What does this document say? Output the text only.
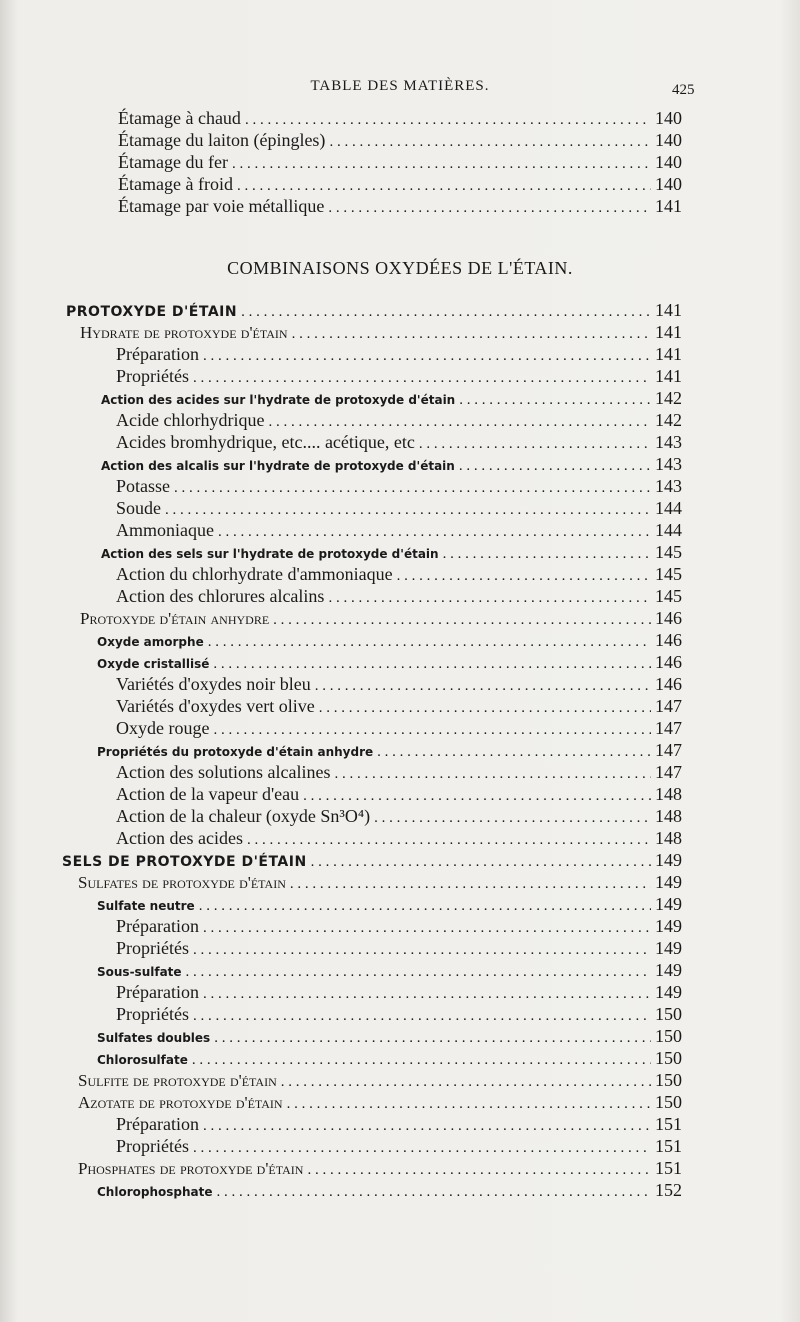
TABLE DES MATIÈRES.	425
COMBINAISONS OXYDÉES DE L'ÉTAIN.
Étamage à chaud . . .	140
Étamage du laiton (épingles) . . .	140
Étamage du fer . . .	140
Étamage à froid . . .	140
Étamage par voie métallique . . .	141
PROTOXYDE D'ÉTAIN . . .	141
Hydrate de protoxyde d'étain . . .	141
Préparation . . .	141
Propriétés . . .	141
Action des acides sur l'hydrate de protoxyde d'étain . . .	142
Acide chlorhydrique . . .	142
Acides bromhydrique, etc.... acétique, etc . . .	143
Action des alcalis sur l'hydrate de protoxyde d'étain . . .	143
Potasse . . .	143
Soude . . .	144
Ammoniaque . . .	144
Action des sels sur l'hydrate de protoxyde d'étain . . .	145
Action du chlorhydrate d'ammoniaque . . .	145
Action des chlorures alcalins . . .	145
Protoxyde d'étain anhydre . . .	146
Oxyde amorphe . . .	146
Oxyde cristallisé . . .	146
Variétés d'oxydes noir bleu . . .	146
Variétés d'oxydes vert olive . . .	147
Oxyde rouge . . .	147
Propriétés du protoxyde d'étain anhydre . . .	147
Action des solutions alcalines . . .	147
Action de la vapeur d'eau . . .	148
Action de la chaleur (oxyde Sn³O⁴) . . .	148
Action des acides . . .	148
SELS DE PROTOXYDE D'ÉTAIN . . .	149
Sulfates de protoxyde d'étain . . .	149
Sulfate neutre . . .	149
Préparation . . .	149
Propriétés . . .	149
Sous-sulfate . . .	149
Préparation . . .	149
Propriétés . . .	150
Sulfates doubles . . .	150
Chlorosulfate . . .	150
Sulfite de protoxyde d'étain . . .	150
Azotate de protoxyde d'étain . . .	150
Préparation . . .	151
Propriétés . . .	151
Phosphates de protoxyde d'étain . . .	151
Chlorophosphate . . .	152
